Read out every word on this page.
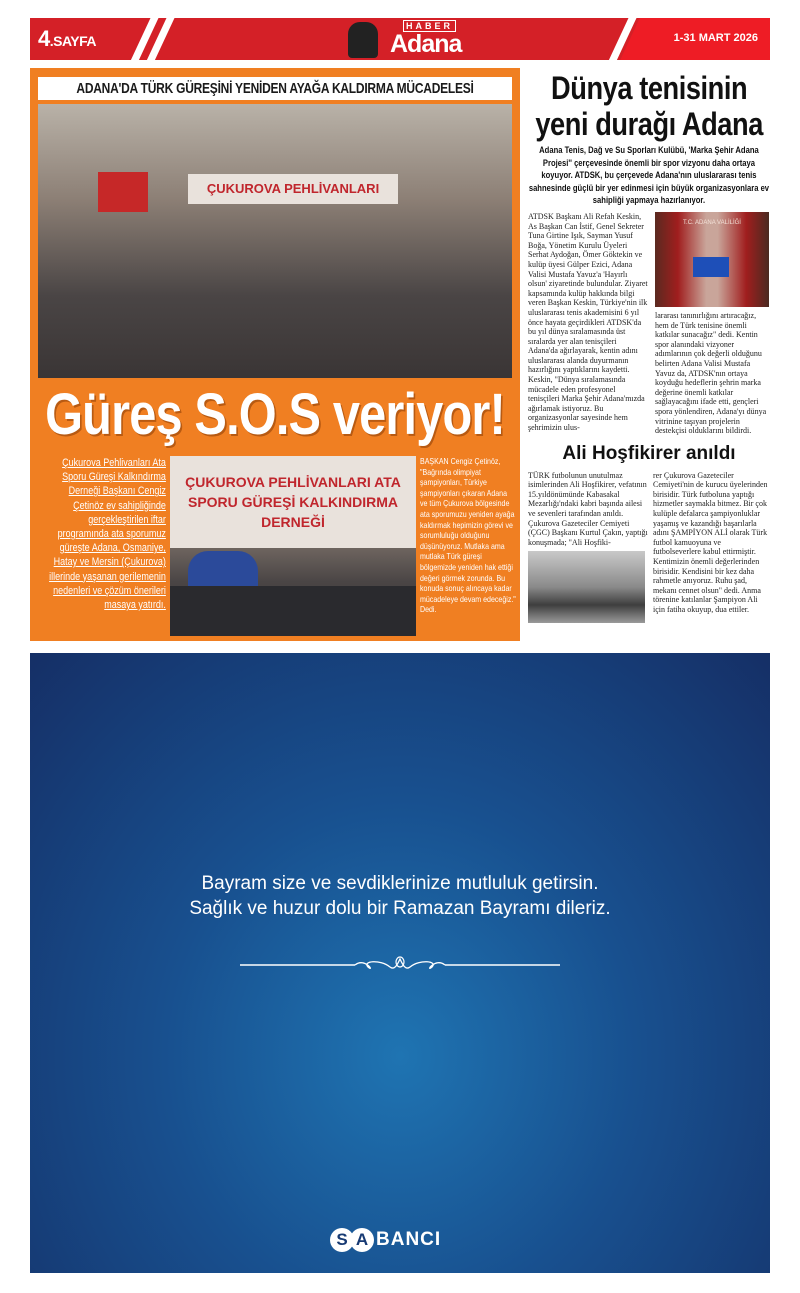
4.SAYFA
HABER
Adana	1-31 MART 2026
ADANA'DA TÜRK GÜREŞİNİ YENİDEN AYAĞA KALDIRMA MÜCADELESİ
ÇUKUROVA PEHLİVANLARI
Güreş S.O.S veriyor!
Çukurova Pehlivanları Ata Sporu Güreşi Kalkındırma Derneği Başkanı Cengiz Çetinöz ev sahipliğinde gerçekleştirilen iftar programında ata sporumuz güreşte Adana, Osmaniye, Hatay ve Mersin (Çukurova) illerinde yaşanan gerilemenin nedenleri ve çözüm önerileri masaya yatırdı.
ÇUKUROVA PEHLİVANLARI ATA SPORU GÜREŞİ KALKINDIRMA DERNEĞİ
BAŞKAN Cengiz Çetinöz, "Bağrında olimpiyat şampiyonları, Türkiye şampiyonları çıkaran Adana ve tüm Çukurova bölgesinde ata sporumuzu yeniden ayağa kaldırmak hepimizin görevi ve sorumluluğu olduğunu düşünüyoruz. Mutlaka ama mutlaka Türk güreşi bölgemizde yeniden hak ettiği değeri görmek zorunda. Bu konuda sonuç alıncaya kadar mücadeleye devam edeceğiz." Dedi.
Dünya tenisinin yeni durağı Adana
Adana Tenis, Dağ ve Su Sporları Kulübü, 'Marka Şehir Adana Projesi'' çerçevesinde önemli bir spor vizyonu daha ortaya koyuyor. ATDSK, bu çerçevede Adana'nın uluslararası tenis sahnesinde güçlü bir yer edinmesi için büyük organizasyonlara ev sahipliği yapmaya hazırlanıyor.
ATDSK Başkanı Ali Refah Keskin, As Başkan Can İstif, Genel Sekreter Tuna Girtine Işık, Sayman Yusuf Boğa, Yönetim Kurulu Üyeleri Serhat Aydoğan, Ömer Göktekin ve kulüp üyesi Gülper Ezici, Adana Valisi Mustafa Yavuz'a 'Hayırlı olsun' ziyaretinde bulundular. Ziyaret kapsamında kulüp hakkında bilgi veren Başkan Keskin, Türkiye'nin ilk uluslararası tenis akademisini 6 yıl önce hayata geçirdikleri ATDSK'da bu yıl dünya sıralamasında üst sıralarda yer alan tenisçileri Adana'da ağırlayarak, kentin adını uluslararası alanda duyurmanın hazırlığını yaptıklarını kaydetti. Keskin, "Dünya sıralamasında mücadele eden profesyonel tenisçileri Marka Şehir Adana'mızda ağırlamak istiyoruz. Bu organizasyonlar sayesinde hem şehrimizin ulus-
T.C. ADANA VALİLİĞİ
lararası tanınırlığını artıracağız, hem de Türk tenisine önemli katkılar sunacağız" dedi. Kentin spor alanındaki vizyoner adımlarının çok değerli olduğunu belirten Adana Valisi Mustafa Yavuz da, ATDSK'nın ortaya koyduğu hedeflerin şehrin marka değerine önemli katkılar sağlayacağını ifade etti, gençleri spora yönlendiren, Adana'yı dünya vitrinine taşıyan projelerin destekçisi olduklarını bildirdi.
Ali Hoşfikirer anıldı
TÜRK futbolunun unutulmaz isimlerinden Ali Hoşfikirer, vefatının 15.yıldönümünde Kabasakal Mezarlığı'ndaki kabri başında ailesi ve sevenleri tarafından anıldı. Çukurova Gazeteciler Cemiyeti (ÇGC) Başkanı Kurtul Çakın, yaptığı konuşmada; "Ali Hoşfiki-
rer Çukurova Gazeteciler Cemiyeti'nin de kurucu üyelerinden birisidir. Türk futboluna yaptığı hizmetler saymakla bitmez. Bir çok kulüple defalarca şampiyonluklar yaşamış ve kazandığı başarılarla adını ŞAMPİYON ALİ olarak Türk futbol kamuoyuna ve futbolseverlere kabul ettirmiştir. Kentimizin önemli değerlerinden birisidir. Kendisini bir kez daha rahmetle anıyoruz. Ruhu şad, mekanı cennet olsun" dedi. Anma törenine katılanlar Şampiyon Ali için fatiha okuyup, dua ettiler.
Bayram size ve sevdiklerinize mutluluk getirsin.
Sağlık ve huzur dolu bir Ramazan Bayramı dileriz.
S A BANCI
